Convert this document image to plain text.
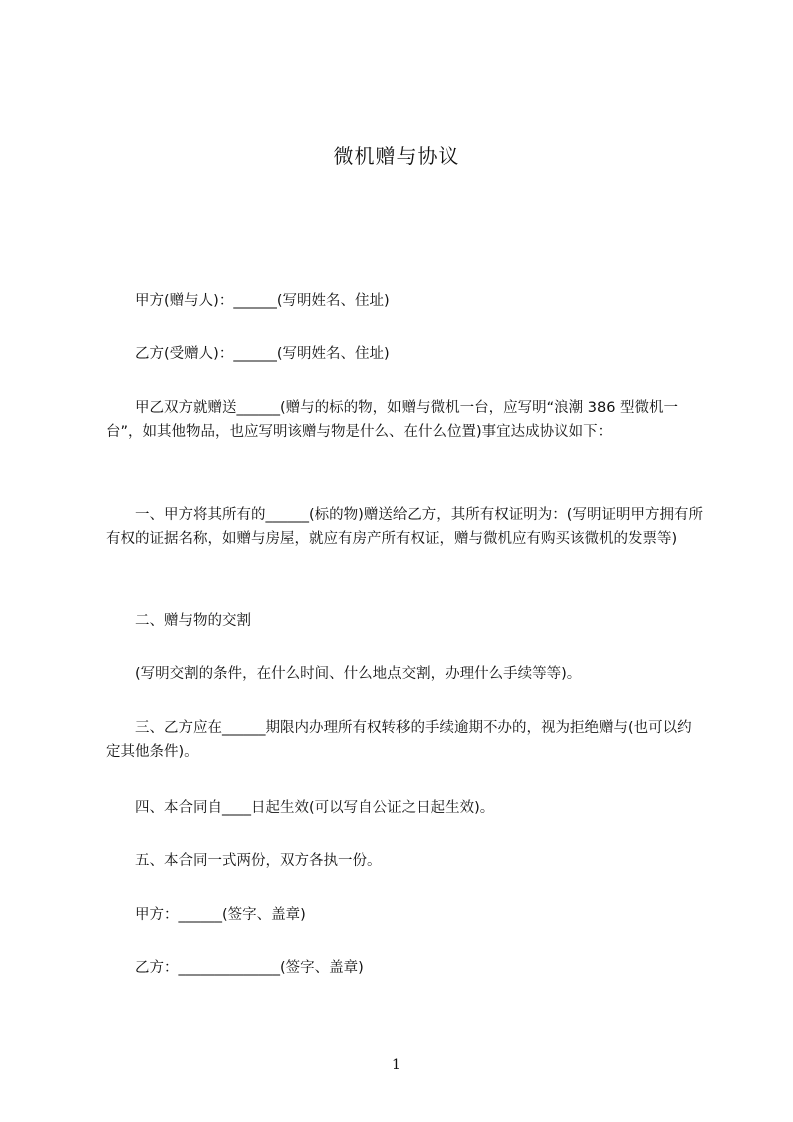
微机赠与协议

　　甲方(赠与人)：______(写明姓名、住址)

　　乙方(受赠人)：______(写明姓名、住址)

　　甲乙双方就赠送______(赠与的标的物，如赠与微机一台，应写明“浪潮 386 型微机一台”，如其他物品，也应写明该赠与物是什么、在什么位置)事宜达成协议如下：

　　一、甲方将其所有的______(标的物)赠送给乙方，其所有权证明为：(写明证明甲方拥有所有权的证据名称，如赠与房屋，就应有房产所有权证，赠与微机应有购买该微机的发票等)

　　二、赠与物的交割

　　(写明交割的条件，在什么时间、什么地点交割，办理什么手续等等)。

　　三、乙方应在______期限内办理所有权转移的手续逾期不办的，视为拒绝赠与(也可以约定其他条件)。

　　四、本合同自____日起生效(可以写自公证之日起生效)。

　　五、本合同一式两份，双方各执一份。

　　甲方：______(签字、盖章)

　　乙方：______________(签字、盖章)

1
